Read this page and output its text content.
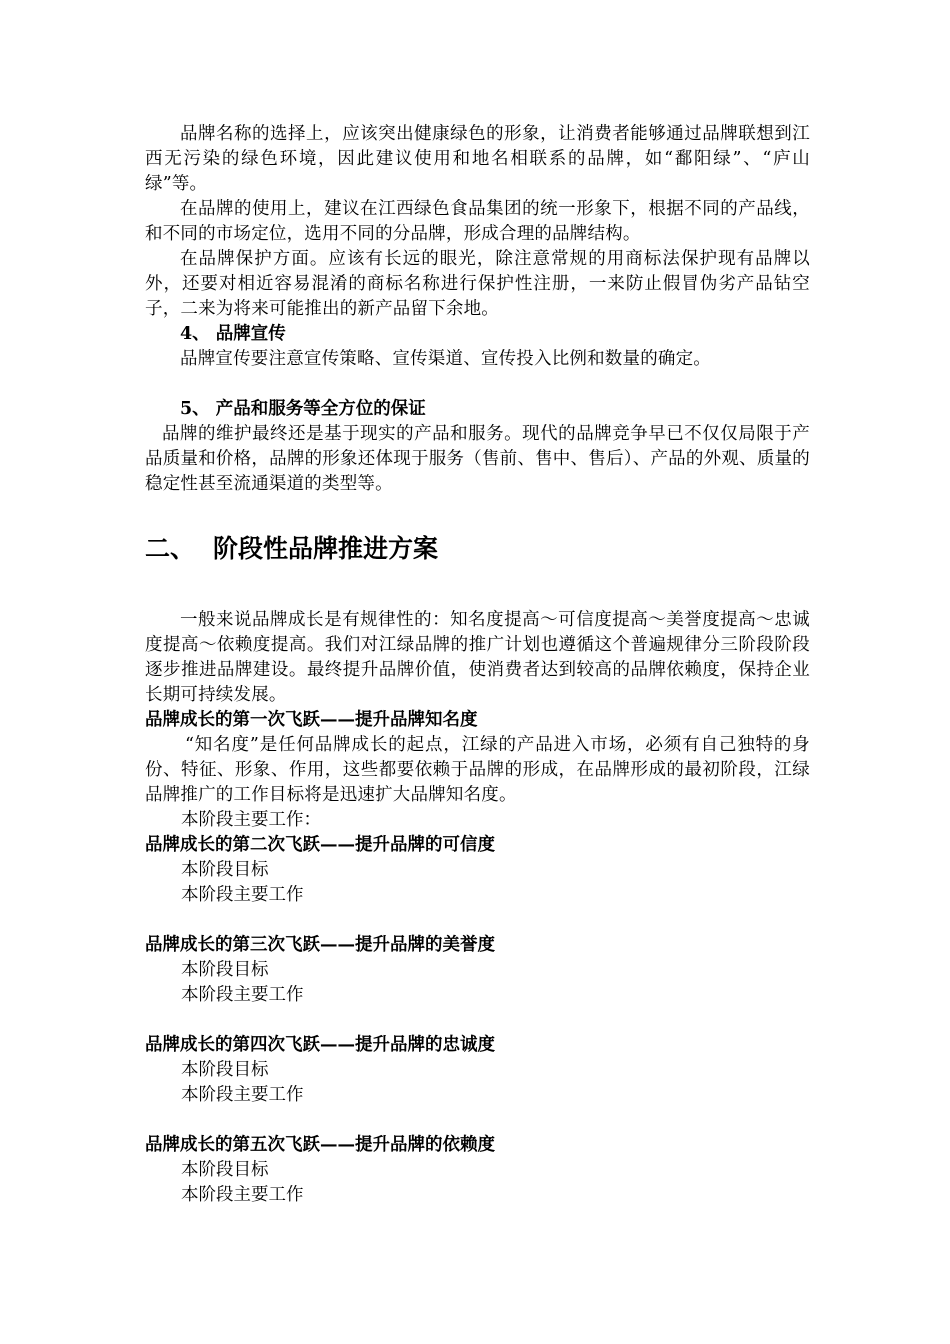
品牌名称的选择上，应该突出健康绿色的形象，让消费者能够通过品牌联想到江西无污染的绿色环境，因此建议使用和地名相联系的品牌，如“鄱阳绿”、“庐山绿”等。

在品牌的使用上，建议在江西绿色食品集团的统一形象下，根据不同的产品线，和不同的市场定位，选用不同的分品牌，形成合理的品牌结构。

在品牌保护方面。应该有长远的眼光，除注意常规的用商标法保护现有品牌以外，还要对相近容易混淆的商标名称进行保护性注册，一来防止假冒伪劣产品钻空子，二来为将来可能推出的新产品留下余地。

4、 品牌宣传

品牌宣传要注意宣传策略、宣传渠道、宣传投入比例和数量的确定。

5、 产品和服务等全方位的保证

品牌的维护最终还是基于现实的产品和服务。现代的品牌竞争早已不仅仅局限于产品质量和价格，品牌的形象还体现于服务（售前、售中、售后）、产品的外观、质量的稳定性甚至流通渠道的类型等。

二、 阶段性品牌推进方案

一般来说品牌成长是有规律性的：知名度提高～可信度提高～美誉度提高～忠诚度提高～依赖度提高。我们对江绿品牌的推广计划也遵循这个普遍规律分三阶段阶段逐步推进品牌建设。最终提升品牌价值，使消费者达到较高的品牌依赖度，保持企业长期可持续发展。

品牌成长的第一次飞跃——提升品牌知名度

“知名度”是任何品牌成长的起点，江绿的产品进入市场，必须有自己独特的身份、特征、形象、作用，这些都要依赖于品牌的形成，在品牌形成的最初阶段，江绿品牌推广的工作目标将是迅速扩大品牌知名度。

本阶段主要工作：
品牌成长的第二次飞跃——提升品牌的可信度
本阶段目标
本阶段主要工作
品牌成长的第三次飞跃——提升品牌的美誉度
本阶段目标
本阶段主要工作
品牌成长的第四次飞跃——提升品牌的忠诚度
本阶段目标
本阶段主要工作
品牌成长的第五次飞跃——提升品牌的依赖度
本阶段目标
本阶段主要工作
